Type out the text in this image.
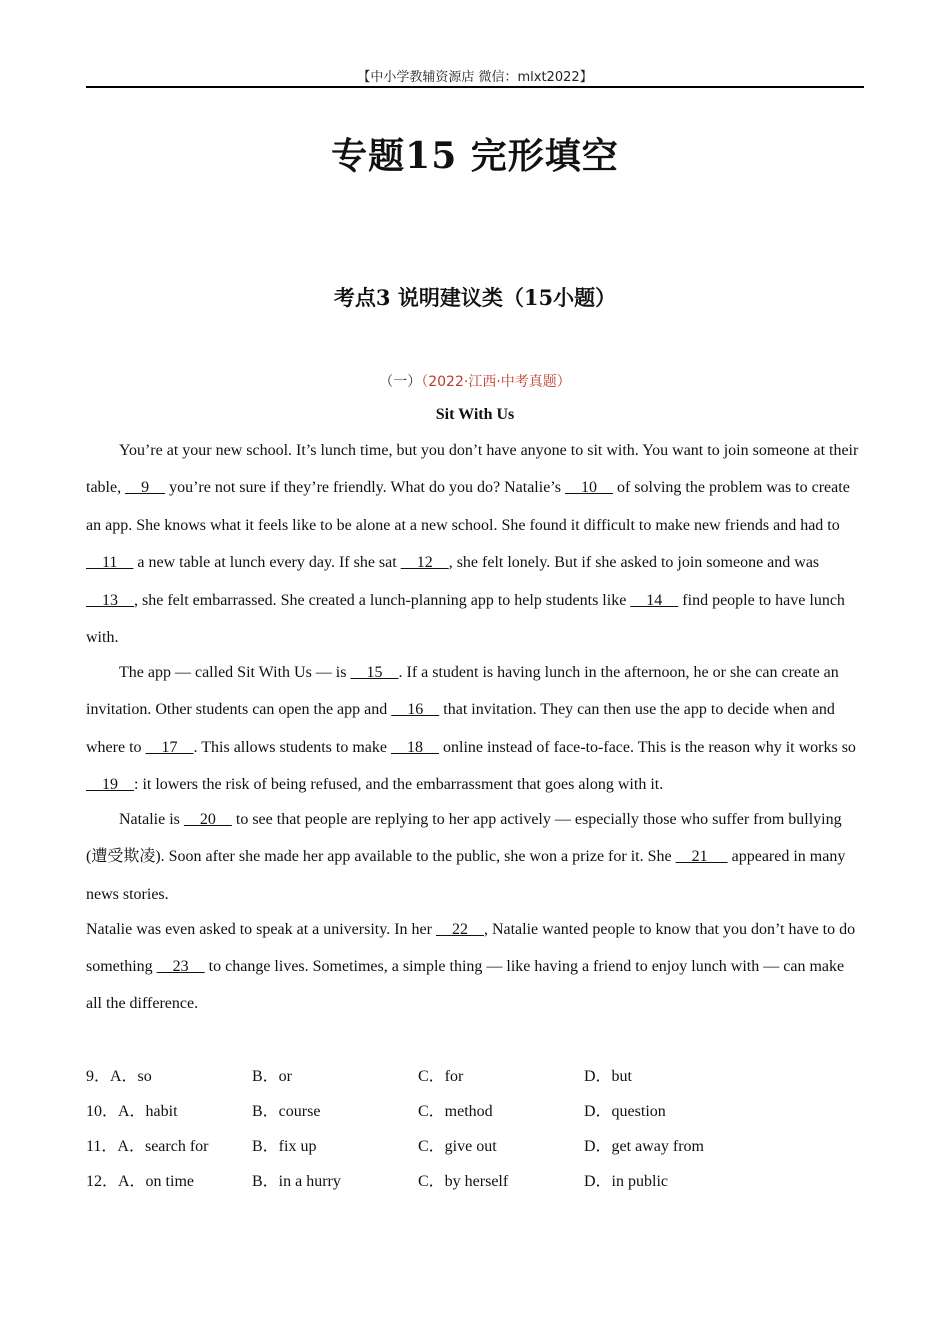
【中小学教辅资源店 微信：mlxt2022】
专题15 完形填空
考点3 说明建议类（15小题）
（一）（2022·江西·中考真题）
Sit With Us

You’re at your new school. It’s lunch time, but you don’t have anyone to sit with. You want to join someone at their table,     9     you’re not sure if they’re friendly. What do you do? Natalie’s     10     of solving the problem was to create an app. She knows what it feels like to be alone at a new school. She found it difficult to make new friends and had to     11     a new table at lunch every day. If she sat     12    , she felt lonely. But if she asked to join someone and was     13    , she felt embarrassed. She created a lunch-planning app to help students like     14     find people to have lunch with.

The app — called Sit With Us — is     15    . If a student is having lunch in the afternoon, he or she can create an invitation. Other students can open the app and     16     that invitation. They can then use the app to decide when and where to     17    . This allows students to make     18     online instead of face-to-face. This is the reason why it works so     19    : it lowers the risk of being refused, and the embarrassment that goes along with it.

Natalie is     20     to see that people are replying to her app actively — especially those who suffer from bullying (遭受欺凌). Soon after she made her app available to the public, she won a prize for it. She     21      appeared in many news stories.

Natalie was even asked to speak at a university. In her     22    , Natalie wanted people to know that you don’t have to do something     23     to change lives. Sometimes, a simple thing — like having a friend to enjoy lunch with — can make all the difference.

9．A．so	B．or	C．for	D．but
10．A．habit	B．course	C．method	D．question
11．A．search for	B．fix up	C．give out	D．get away from
12．A．on time	B．in a hurry	C．by herself	D．in public
